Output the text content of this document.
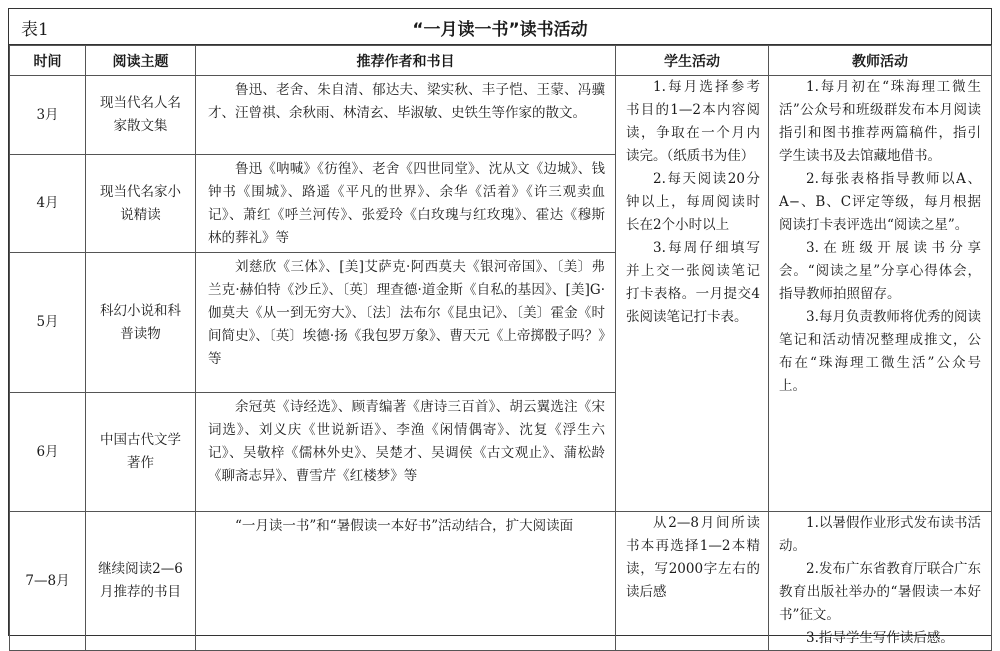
表1	“一月读一书”读书活动
时间	阅读主题	推荐作者和书目	学生活动	教师活动
3月	现当代名人名家散文集	鲁迅、老舍、朱自清、郁达夫、梁实秋、丰子恺、王蒙、冯骥才、汪曾祺、余秋雨、林清玄、毕淑敏、史铁生等作家的散文。	1.每月选择参考书目的1—2本内容阅读，争取在一个月内读完。（纸质书为佳）
2.每天阅读20分钟以上，每周阅读时长在2个小时以上
3.每周仔细填写并上交一张阅读笔记打卡表格。一月提交4张阅读笔记打卡表。	1.每月初在“珠海理工微生活”公众号和班级群发布本月阅读指引和图书推荐两篇稿件，指引学生读书及去馆藏地借书。
2.每张表格指导教师以A、A−、B、C评定等级，每月根据阅读打卡表评选出“阅读之星”。
3.在班级开展读书分享会。“阅读之星”分享心得体会，指导教师拍照留存。
3.每月负责教师将优秀的阅读笔记和活动情况整理成推文，公布在“珠海理工微生活”公众号上。

4月	现当代名家小说精读	鲁迅《呐喊》《彷徨》、老舍《四世同堂》、沈从文《边城》、钱钟书《围城》、路遥《平凡的世界》、余华《活着》《许三观卖血记》、萧红《呼兰河传》、张爱玲《白玫瑰与红玫瑰》、霍达《穆斯林的葬礼》等		

5月	科幻小说和科普读物	刘慈欣《三体》、[美]艾萨克·阿西莫夫《银河帝国》、〔美〕弗兰克·赫伯特《沙丘》、〔英〕理查德·道金斯《自私的基因》、[美]G·伽莫夫《从一到无穷大》、〔法〕法布尔《昆虫记》、〔美〕霍金《时间简史》、〔英〕埃德·扬《我包罗万象》、曹天元《上帝掷骰子吗？》等		

6月	中国古代文学著作	余冠英《诗经选》、顾青编著《唐诗三百首》、胡云翼选注《宋词选》、刘义庆《世说新语》、李渔《闲情偶寄》、沈复《浮生六记》、吴敬梓《儒林外史》、吴楚才、吴调侯《古文观止》、蒲松龄《聊斋志异》、曹雪芹《红楼梦》等		

7—8月	继续阅读2—6月推荐的书目	“一月读一书”和“暑假读一本好书”活动结合，扩大阅读面	从2—8月间所读书本再选择1—2本精读，写2000字左右的读后感	1.以暑假作业形式发布读书活动。
2.发布广东省教育厅联合广东教育出版社举办的“暑假读一本好书”征文。
3.指导学生写作读后感。
